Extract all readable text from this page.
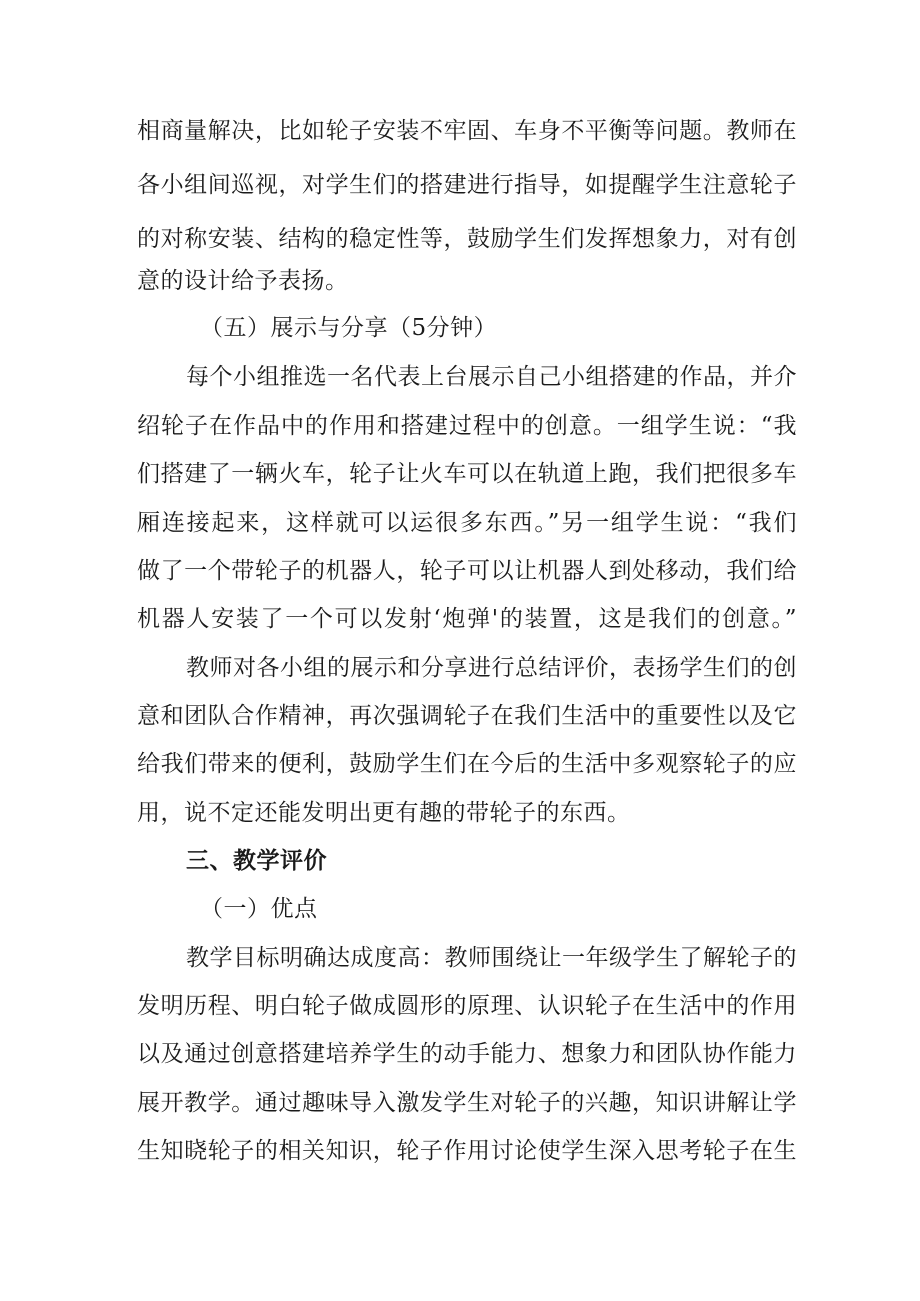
相商量解决，比如轮子安装不牢固、车身不平衡等问题。教师在
各小组间巡视，对学生们的搭建进行指导，如提醒学生注意轮子
的对称安装、结构的稳定性等，鼓励学生们发挥想象力，对有创
意的设计给予表扬。
（五）展示与分享（5分钟）
每个小组推选一名代表上台展示自己小组搭建的作品，并介
绍轮子在作品中的作用和搭建过程中的创意。一组学生说：“我
们搭建了一辆火车，轮子让火车可以在轨道上跑，我们把很多车
厢连接起来，这样就可以运很多东西。”另一组学生说：“我们
做了一个带轮子的机器人，轮子可以让机器人到处移动，我们给
机器人安装了一个可以发射‘炮弹'的装置，这是我们的创意。”
教师对各小组的展示和分享进行总结评价，表扬学生们的创
意和团队合作精神，再次强调轮子在我们生活中的重要性以及它
给我们带来的便利，鼓励学生们在今后的生活中多观察轮子的应
用，说不定还能发明出更有趣的带轮子的东西。
三、教学评价
（一）优点
教学目标明确达成度高：教师围绕让一年级学生了解轮子的
发明历程、明白轮子做成圆形的原理、认识轮子在生活中的作用
以及通过创意搭建培养学生的动手能力、想象力和团队协作能力
展开教学。通过趣味导入激发学生对轮子的兴趣，知识讲解让学
生知晓轮子的相关知识，轮子作用讨论使学生深入思考轮子在生
